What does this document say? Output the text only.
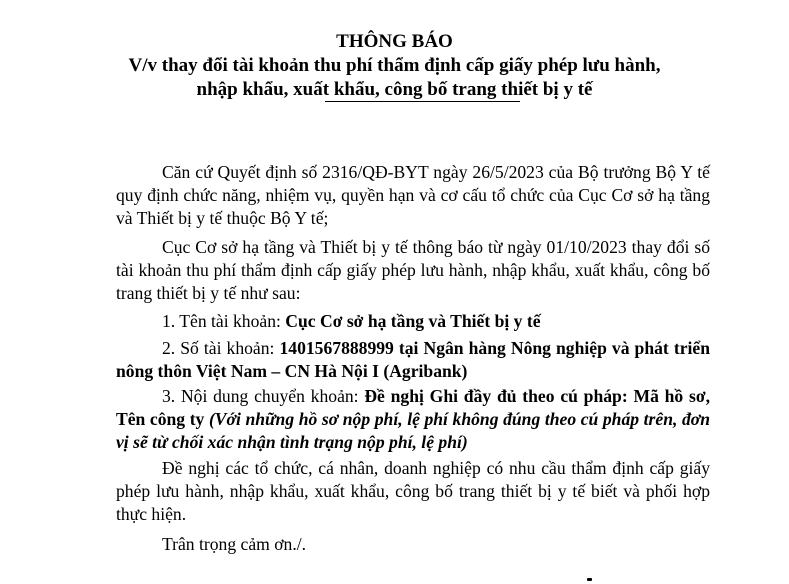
THÔNG BÁO
V/v thay đổi tài khoản thu phí thẩm định cấp giấy phép lưu hành,
nhập khẩu, xuất khẩu, công bố trang thiết bị y tế
Căn cứ Quyết định số 2316/QĐ-BYT ngày 26/5/2023 của Bộ trưởng Bộ Y tế quy định chức năng, nhiệm vụ, quyền hạn và cơ cấu tổ chức của Cục Cơ sở hạ tầng và Thiết bị y tế thuộc Bộ Y tế;
Cục Cơ sở hạ tầng và Thiết bị y tế thông báo từ ngày 01/10/2023 thay đổi số tài khoản thu phí thẩm định cấp giấy phép lưu hành, nhập khẩu, xuất khẩu, công bố trang thiết bị y tế như sau:
1. Tên tài khoản: Cục Cơ sở hạ tầng và Thiết bị y tế
2. Số tài khoản: 1401567888999 tại Ngân hàng Nông nghiệp và phát triển nông thôn Việt Nam – CN Hà Nội I (Agribank)
3. Nội dung chuyển khoản: Đề nghị Ghi đầy đủ theo cú pháp: Mã hồ sơ, Tên công ty (Với những hồ sơ nộp phí, lệ phí không đúng theo cú pháp trên, đơn vị sẽ từ chối xác nhận tình trạng nộp phí, lệ phí)
Đề nghị các tổ chức, cá nhân, doanh nghiệp có nhu cầu thẩm định cấp giấy phép lưu hành, nhập khẩu, xuất khẩu, công bố trang thiết bị y tế biết và phối hợp thực hiện.
Trân trọng cảm ơn./.
